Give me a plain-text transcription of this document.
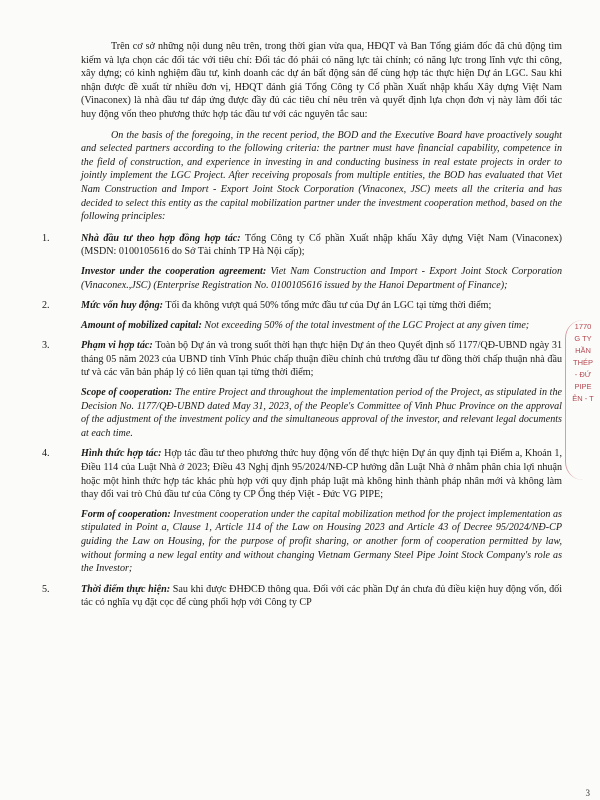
Trên cơ sở những nội dung nêu trên, trong thời gian vừa qua, HĐQT và Ban Tổng giám đốc đã chủ động tìm kiếm và lựa chọn các đối tác với tiêu chí: Đối tác đó phải có năng lực tài chính; có năng lực trong lĩnh vực thi công, xây dựng; có kinh nghiệm đầu tư, kinh doanh các dự án bất động sản để cùng hợp tác thực hiện Dự án LGC. Sau khi nhận được đề xuất từ nhiều đơn vị, HĐQT đánh giá Tổng Công ty Cổ phần Xuất nhập khẩu Xây dựng Việt Nam (Vinaconex) là nhà đầu tư đáp ứng được đầy đủ các tiêu chí nêu trên và quyết định lựa chọn đơn vị này làm đối tác huy động vốn theo phương thức hợp tác đầu tư với các nguyên tắc sau:

On the basis of the foregoing, in the recent period, the BOD and the Executive Board have proactively sought and selected partners according to the following criteria: the partner must have financial capability, competence in the field of construction, and experience in investing in and conducting business in real estate projects in order to jointly implement the LGC Project. After receiving proposals from multiple entities, the BOD has evaluated that Viet Nam Construction and Import - Export Joint Stock Corporation (Vinaconex, JSC) meets all the criteria and has decided to select this entity as the capital mobilization partner under the investment cooperation method, based on the following principles:

1.	Nhà đầu tư theo hợp đồng hợp tác: Tổng Công ty Cổ phần Xuất nhập khẩu Xây dựng Việt Nam (Vinaconex) (MSDN: 0100105616 do Sở Tài chính TP Hà Nội cấp);

Investor under the cooperation agreement: Viet Nam Construction and Import - Export Joint Stock Corporation (Vinaconex.,JSC) (Enterprise Registration No. 0100105616 issued by the Hanoi Department of Finance);

2.	Mức vốn huy động: Tối đa không vượt quá 50% tổng mức đầu tư của Dự án LGC tại từng thời điểm;

Amount of mobilized capital: Not exceeding 50% of the total investment of the LGC Project at any given time;

3.	Phạm vi hợp tác: Toàn bộ Dự án và trong suốt thời hạn thực hiện Dự án theo Quyết định số 1177/QĐ-UBND ngày 31 tháng 05 năm 2023 của UBND tỉnh Vĩnh Phúc chấp thuận điều chỉnh chủ trương đầu tư đồng thời chấp thuận nhà đầu tư và các văn bản pháp lý có liên quan tại từng thời điểm;

Scope of cooperation: The entire Project and throughout the implementation period of the Project, as stipulated in the Decision No. 1177/QĐ-UBND dated May 31, 2023, of the People's Committee of Vinh Phuc Province on the approval of the adjustment of the investment policy and the simultaneous approval of the investor, and relevant legal documents at each time.

4.	Hình thức hợp tác: Hợp tác đầu tư theo phương thức huy động vốn để thực hiện Dự án quy định tại Điểm a, Khoản 1, Điều 114 của Luật Nhà ở 2023; Điều 43 Nghị định 95/2024/NĐ-CP hướng dẫn Luật Nhà ở nhằm phân chia lợi nhuận hoặc một hình thức hợp tác khác phù hợp với quy định pháp luật mà không hình thành pháp nhân mới và không làm thay đổi vai trò Chủ đầu tư của Công ty CP Ống thép Việt - Đức VG PIPE;

Form of cooperation: Investment cooperation under the capital mobilization method for the project implementation as stipulated in Point a, Clause 1, Article 114 of the Law on Housing 2023 and Article 43 of Decree 95/2024/NĐ-CP guiding the Law on Housing, for the purpose of profit sharing, or another form of cooperation permitted by law, without forming a new legal entity and without changing Vietnam Germany Steel Pipe Joint Stock Company's role as the Investor;

5.	Thời điểm thực hiện: Sau khi được ĐHĐCĐ thông qua. Đối với các phần Dự án chưa đủ điều kiện huy động vốn, đối tác có nghĩa vụ đặt cọc để cùng phối hợp với Công ty CP

1770
G TY
HẦN
THÉP
- ĐỨ
PIPE
ÊN - T
3
